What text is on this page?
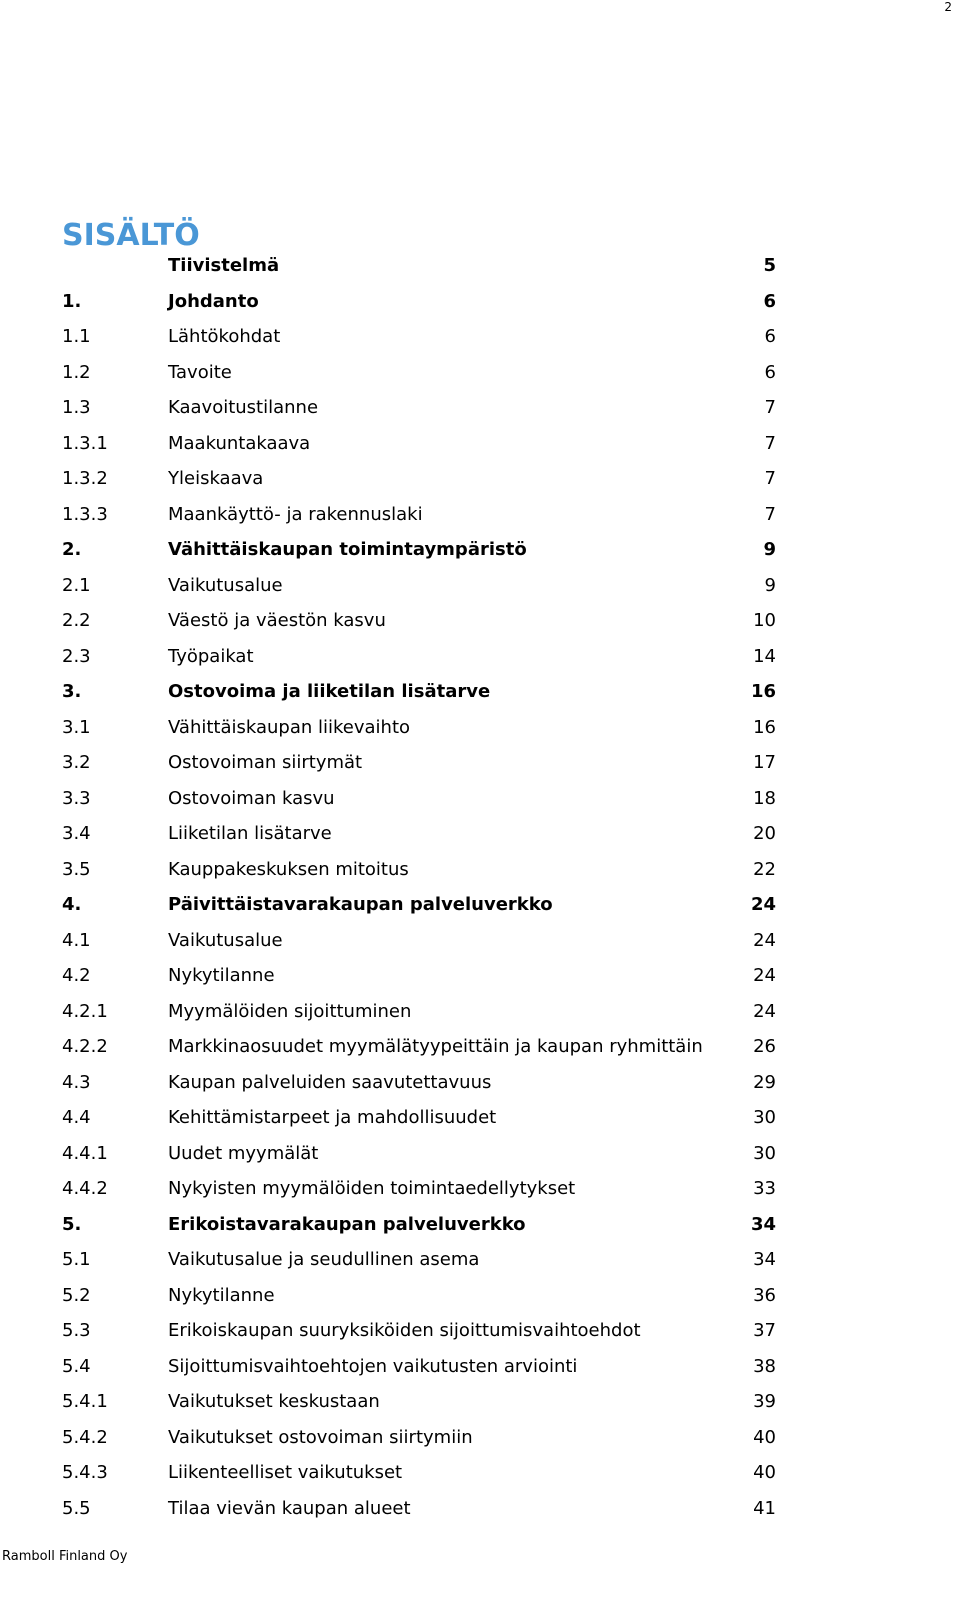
2
SISÄLTÖ
Tiivistelmä	5
1.	Johdanto	6
1.1	Lähtökohdat	6
1.2	Tavoite	6
1.3	Kaavoitustilanne	7
1.3.1	Maakuntakaava	7
1.3.2	Yleiskaava	7
1.3.3	Maankäyttö- ja rakennuslaki	7
2.	Vähittäiskaupan toimintaympäristö	9
2.1	Vaikutusalue	9
2.2	Väestö ja väestön kasvu	10
2.3	Työpaikat	14
3.	Ostovoima ja liiketilan lisätarve	16
3.1	Vähittäiskaupan liikevaihto	16
3.2	Ostovoiman siirtymät	17
3.3	Ostovoiman kasvu	18
3.4	Liiketilan lisätarve	20
3.5	Kauppakeskuksen mitoitus	22
4.	Päivittäistavarakaupan palveluverkko	24
4.1	Vaikutusalue	24
4.2	Nykytilanne	24
4.2.1	Myymälöiden sijoittuminen	24
4.2.2	Markkinaosuudet myymälätyypeittäin ja kaupan ryhmittäin	26
4.3	Kaupan palveluiden saavutettavuus	29
4.4	Kehittämistarpeet ja mahdollisuudet	30
4.4.1	Uudet myymälät	30
4.4.2	Nykyisten myymälöiden toimintaedellytykset	33
5.	Erikoistavarakaupan palveluverkko	34
5.1	Vaikutusalue ja seudullinen asema	34
5.2	Nykytilanne	36
5.3	Erikoiskaupan suuryksiköiden sijoittumisvaihtoehdot	37
5.4	Sijoittumisvaihtoehtojen vaikutusten arviointi	38
5.4.1	Vaikutukset keskustaan	39
5.4.2	Vaikutukset ostovoiman siirtymiin	40
5.4.3	Liikenteelliset vaikutukset	40
5.5	Tilaa vievän kaupan alueet	41
Ramboll Finland Oy
